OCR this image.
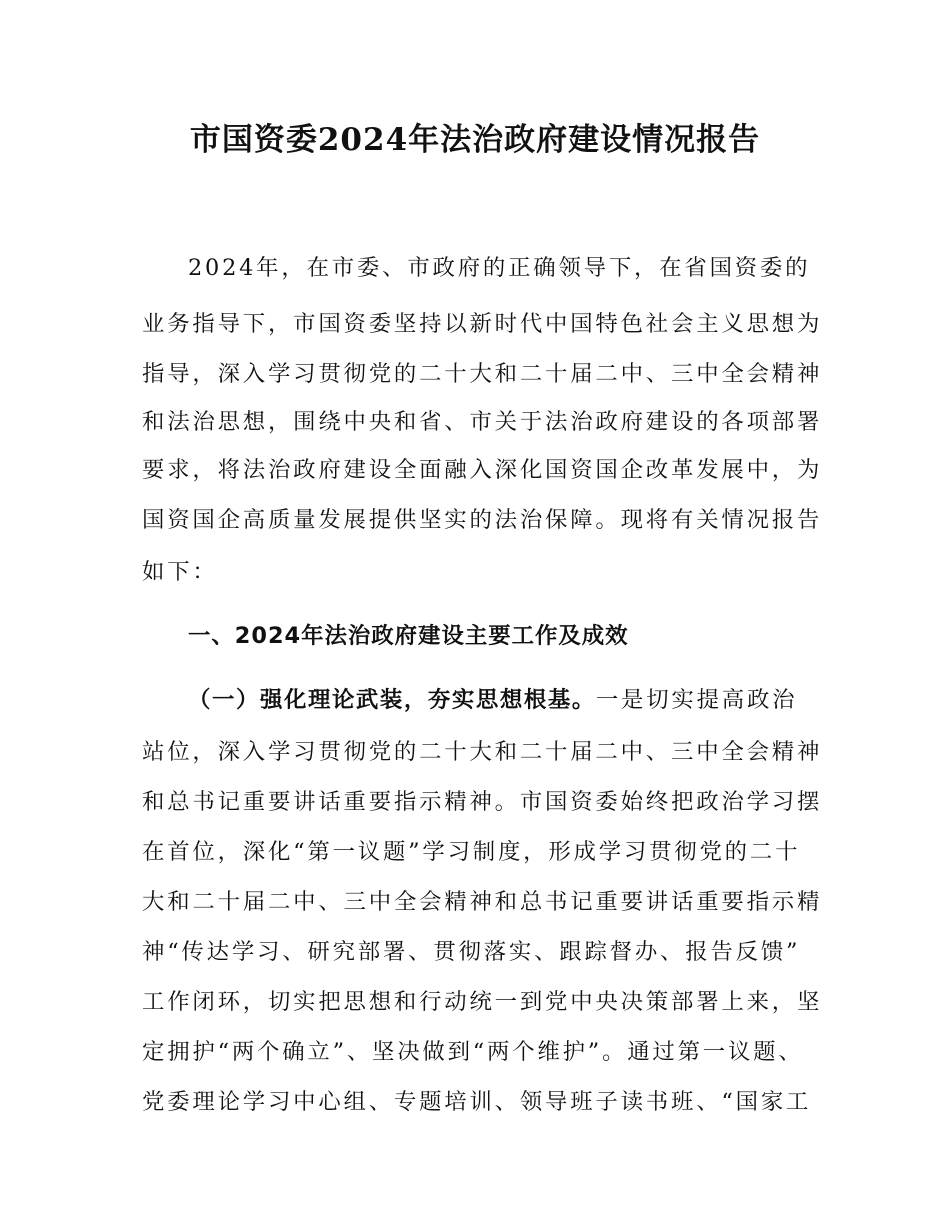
市国资委2024年法治政府建设情况报告

2024年，在市委、市政府的正确领导下，在省国资委的

业务指导下，市国资委坚持以新时代中国特色社会主义思想为

指导，深入学习贯彻党的二十大和二十届二中、三中全会精神

和法治思想，围绕中央和省、市关于法治政府建设的各项部署

要求，将法治政府建设全面融入深化国资国企改革发展中，为

国资国企高质量发展提供坚实的法治保障。现将有关情况报告

如下：

一、2024年法治政府建设主要工作及成效

（一）强化理论武装，夯实思想根基。一是切实提高政治

站位，深入学习贯彻党的二十大和二十届二中、三中全会精神

和总书记重要讲话重要指示精神。市国资委始终把政治学习摆

在首位，深化“第一议题”学习制度，形成学习贯彻党的二十

大和二十届二中、三中全会精神和总书记重要讲话重要指示精

神“传达学习、研究部署、贯彻落实、跟踪督办、报告反馈”

工作闭环，切实把思想和行动统一到党中央决策部署上来，坚

定拥护“两个确立”、坚决做到“两个维护”。通过第一议题、

党委理论学习中心组、专题培训、领导班子读书班、“国家工
